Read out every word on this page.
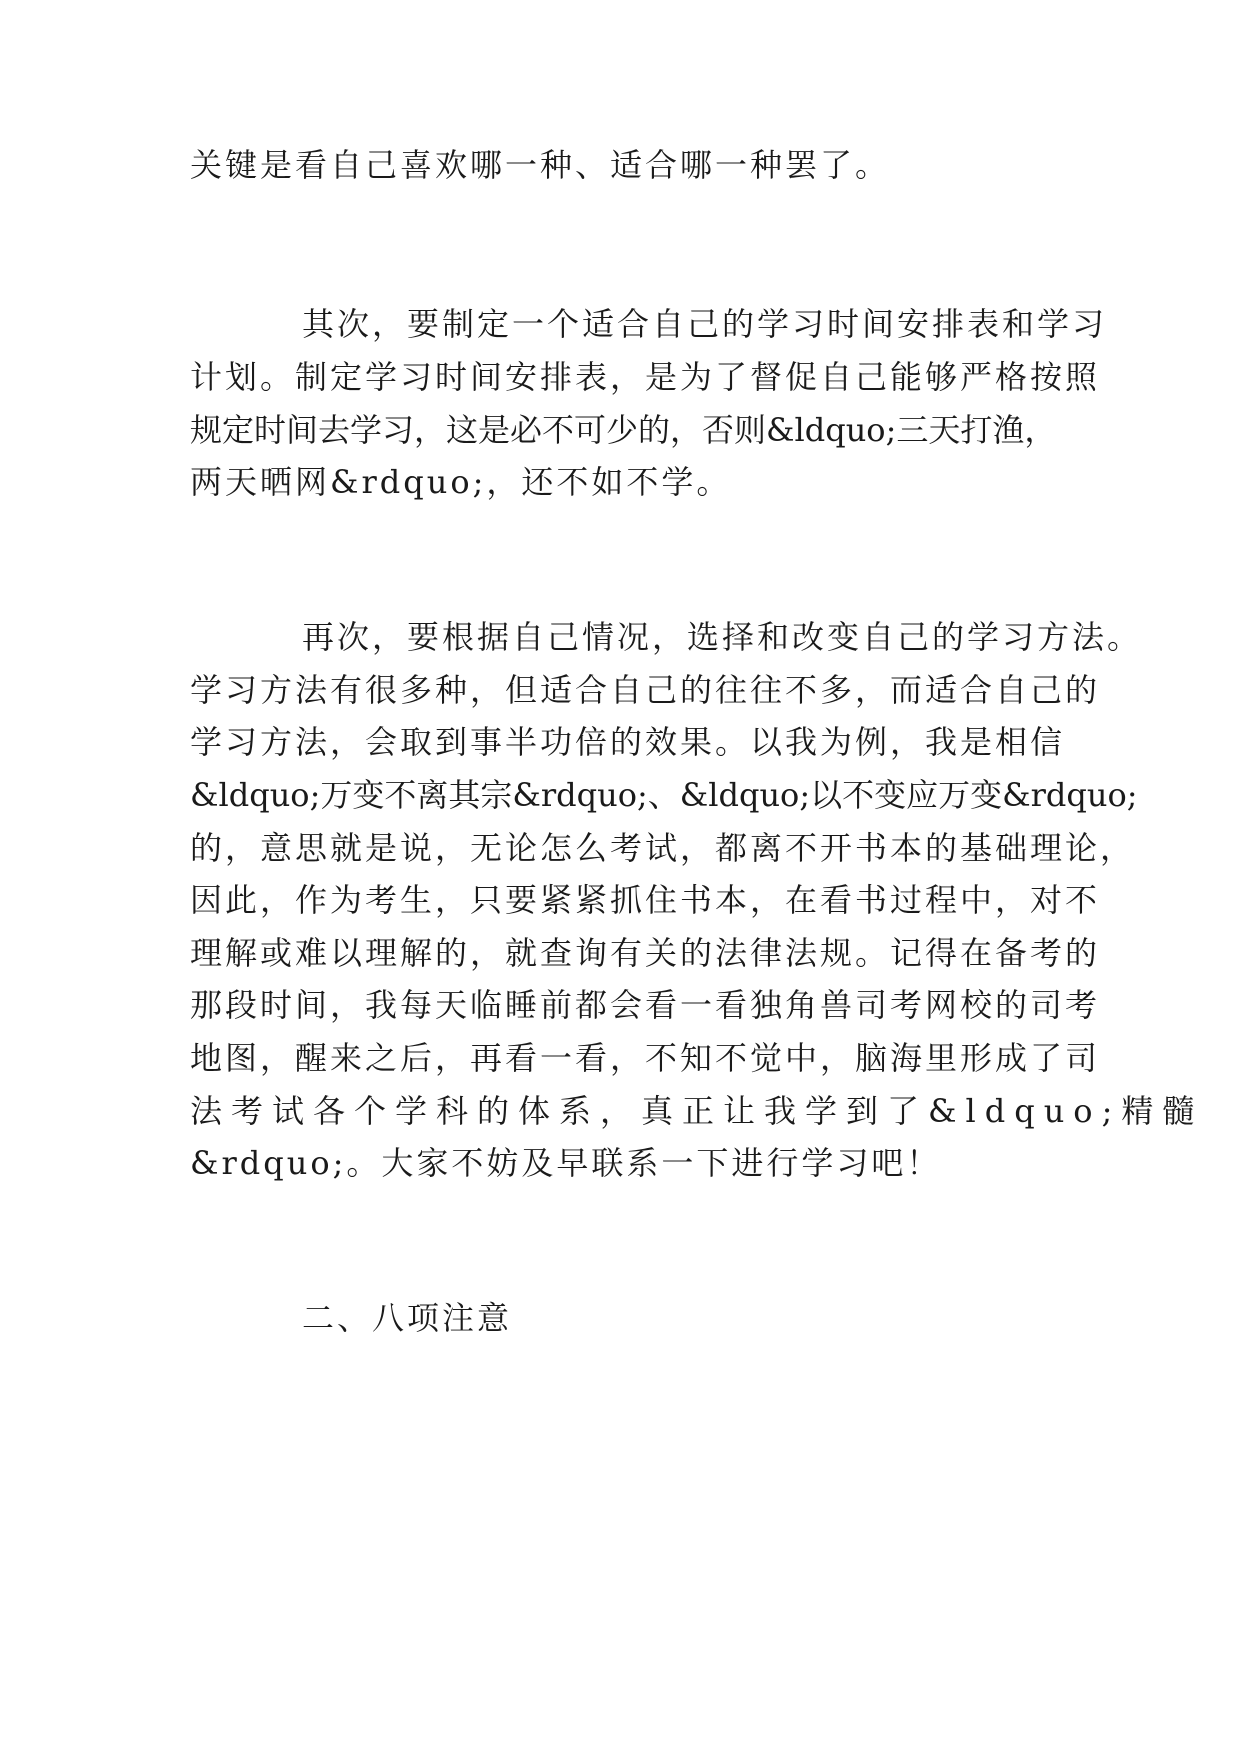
关键是看自己喜欢哪一种、适合哪一种罢了。
其次，要制定一个适合自己的学习时间安排表和学习
计划。制定学习时间安排表，是为了督促自己能够严格按照
规定时间去学习，这是必不可少的，否则&ldquo;三天打渔，
两天晒网&rdquo;，还不如不学。
再次，要根据自己情况，选择和改变自己的学习方法。
学习方法有很多种，但适合自己的往往不多，而适合自己的
学习方法，会取到事半功倍的效果。以我为例，我是相信
&ldquo;万变不离其宗&rdquo;、&ldquo;以不变应万变&rdquo;
的，意思就是说，无论怎么考试，都离不开书本的基础理论，
因此，作为考生，只要紧紧抓住书本，在看书过程中，对不
理解或难以理解的，就查询有关的法律法规。记得在备考的
那段时间，我每天临睡前都会看一看独角兽司考网校的司考
地图，醒来之后，再看一看，不知不觉中，脑海里形成了司
法考试各个学科的体系，真正让我学到了&ldquo;精髓
&rdquo;。大家不妨及早联系一下进行学习吧！
二、八项注意
